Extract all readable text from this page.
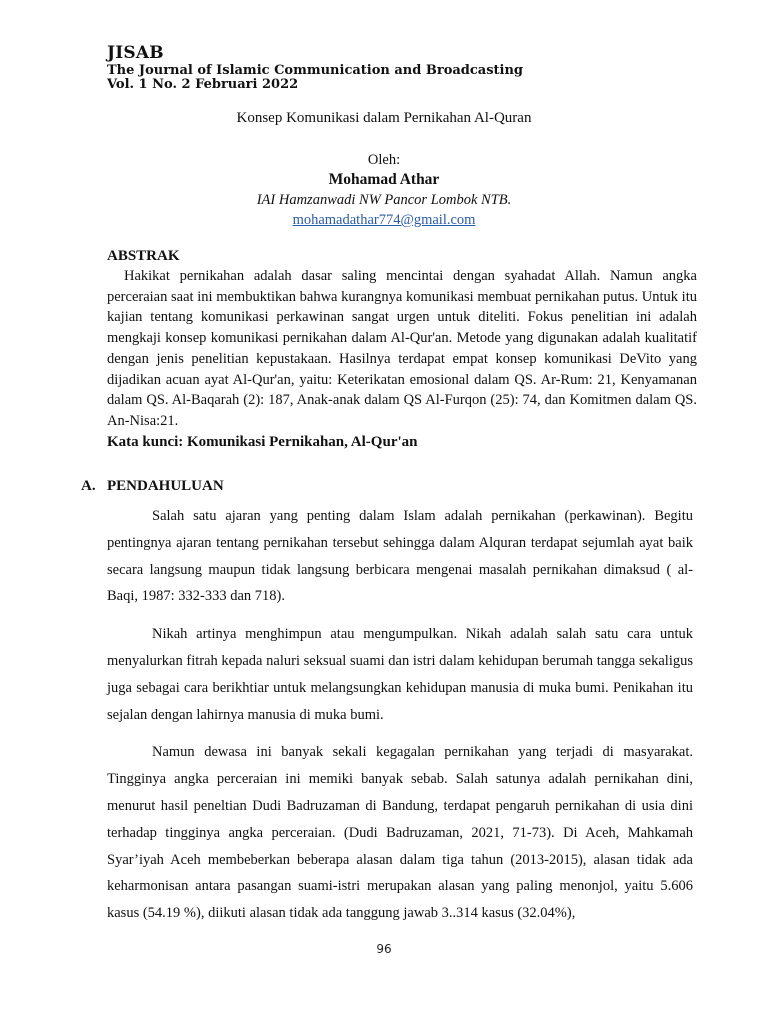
JISAB
The Journal of Islamic Communication and Broadcasting
Vol. 1 No. 2 Februari 2022
Konsep Komunikasi dalam Pernikahan Al-Quran
Oleh:
Mohamad Athar
IAI Hamzanwadi NW Pancor Lombok NTB.
mohamadathar774@gmail.com
ABSTRAK

Hakikat pernikahan adalah dasar saling mencintai dengan syahadat Allah. Namun angka perceraian saat ini membuktikan bahwa kurangnya komunikasi membuat pernikahan putus. Untuk itu kajian tentang komunikasi perkawinan sangat urgen untuk diteliti. Fokus penelitian ini adalah mengkaji konsep komunikasi pernikahan dalam Al-Qur'an. Metode yang digunakan adalah kualitatif dengan jenis penelitian kepustakaan. Hasilnya terdapat empat konsep komunikasi DeVito yang dijadikan acuan ayat Al-Qur'an, yaitu: Keterikatan emosional dalam QS. Ar-Rum: 21, Kenyamanan dalam QS. Al-Baqarah (2): 187, Anak-anak dalam QS Al-Furqon (25): 74, dan Komitmen dalam QS. An-Nisa:21.

Kata kunci: Komunikasi Pernikahan, Al-Qur'an

A. PENDAHULUAN

Salah satu ajaran yang penting dalam Islam adalah pernikahan (perkawinan). Begitu pentingnya ajaran tentang pernikahan tersebut sehingga dalam Alquran terdapat sejumlah ayat baik secara langsung maupun tidak langsung berbicara mengenai masalah pernikahan dimaksud ( al- Baqi, 1987: 332-333 dan 718).

Nikah artinya menghimpun atau mengumpulkan. Nikah adalah salah satu cara untuk menyalurkan fitrah kepada naluri seksual suami dan istri dalam kehidupan berumah tangga sekaligus juga sebagai cara berikhtiar untuk melangsungkan kehidupan manusia di muka bumi. Penikahan itu sejalan dengan lahirnya manusia di muka bumi.

Namun dewasa ini banyak sekali kegagalan pernikahan yang terjadi di masyarakat. Tingginya angka perceraian ini memiki banyak sebab. Salah satunya adalah pernikahan dini, menurut hasil peneltian Dudi Badruzaman di Bandung, terdapat pengaruh pernikahan di usia dini terhadap tingginya angka perceraian. (Dudi Badruzaman, 2021, 71-73). Di Aceh, Mahkamah Syar’iyah Aceh membeberkan beberapa alasan dalam tiga tahun (2013-2015), alasan tidak ada keharmonisan antara pasangan suami-istri merupakan alasan yang paling menonjol, yaitu 5.606 kasus (54.19 %), diikuti alasan tidak ada tanggung jawab 3..314 kasus (32.04%),

96
